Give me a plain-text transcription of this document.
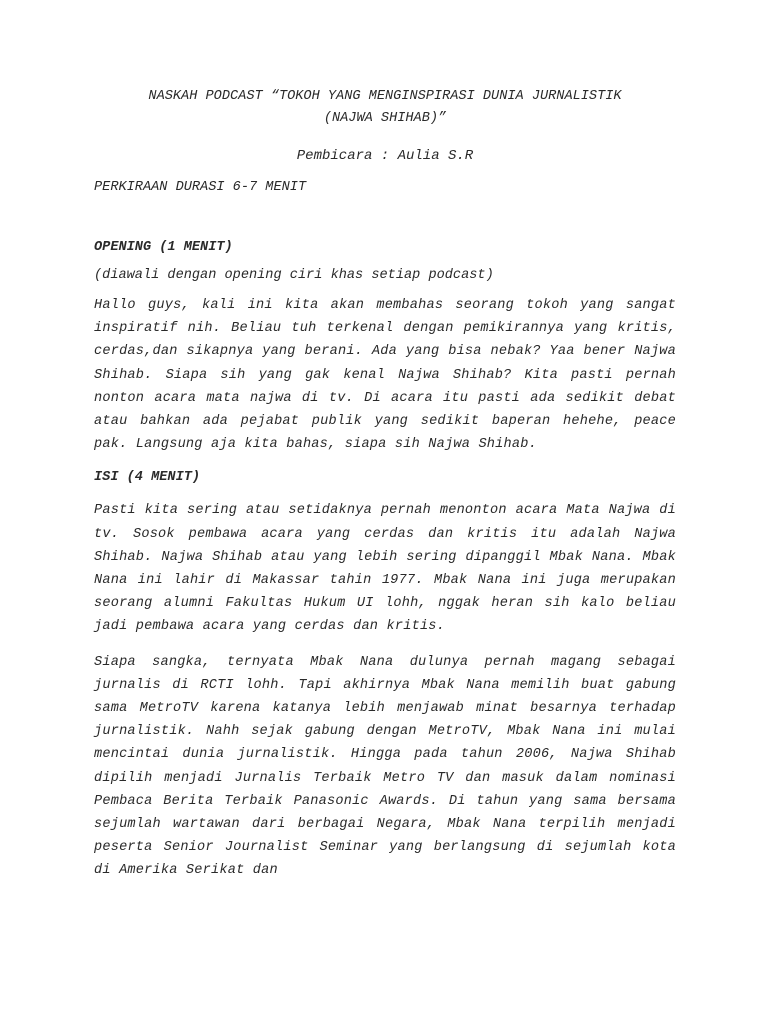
NASKAH PODCAST “TOKOH YANG MENGINSPIRASI DUNIA JURNALISTIK
(NAJWA SHIHAB)”

Pembicara : Aulia S.R

PERKIRAAN DURASI 6-7 MENIT

OPENING (1 MENIT)

(diawali dengan opening ciri khas setiap podcast)

Hallo guys, kali ini kita akan membahas seorang tokoh yang sangat inspiratif nih. Beliau tuh terkenal dengan pemikirannya yang kritis, cerdas,dan sikapnya yang berani. Ada yang bisa nebak? Yaa bener Najwa Shihab. Siapa sih yang gak kenal Najwa Shihab? Kita pasti pernah nonton acara mata najwa di tv. Di acara itu pasti ada sedikit debat atau bahkan ada pejabat publik yang sedikit baperan hehehe, peace pak. Langsung aja kita bahas, siapa sih Najwa Shihab.

ISI (4 MENIT)

Pasti kita sering atau setidaknya pernah menonton acara Mata Najwa di tv. Sosok pembawa acara yang cerdas dan kritis itu adalah Najwa Shihab. Najwa Shihab atau yang lebih sering dipanggil Mbak Nana. Mbak Nana ini lahir di Makassar tahin 1977. Mbak Nana ini juga merupakan seorang alumni Fakultas Hukum UI lohh, nggak heran sih kalo beliau jadi pembawa acara yang cerdas dan kritis.

Siapa sangka, ternyata Mbak Nana dulunya pernah magang sebagai jurnalis di RCTI lohh. Tapi akhirnya Mbak Nana memilih buat gabung sama MetroTV karena katanya lebih menjawab minat besarnya terhadap jurnalistik. Nahh sejak gabung dengan MetroTV, Mbak Nana ini mulai mencintai dunia jurnalistik. Hingga pada tahun 2006, Najwa Shihab dipilih menjadi Jurnalis Terbaik Metro TV dan masuk dalam nominasi Pembaca Berita Terbaik Panasonic Awards. Di tahun yang sama bersama sejumlah wartawan dari berbagai Negara, Mbak Nana terpilih menjadi peserta Senior Journalist Seminar yang berlangsung di sejumlah kota di Amerika Serikat dan
